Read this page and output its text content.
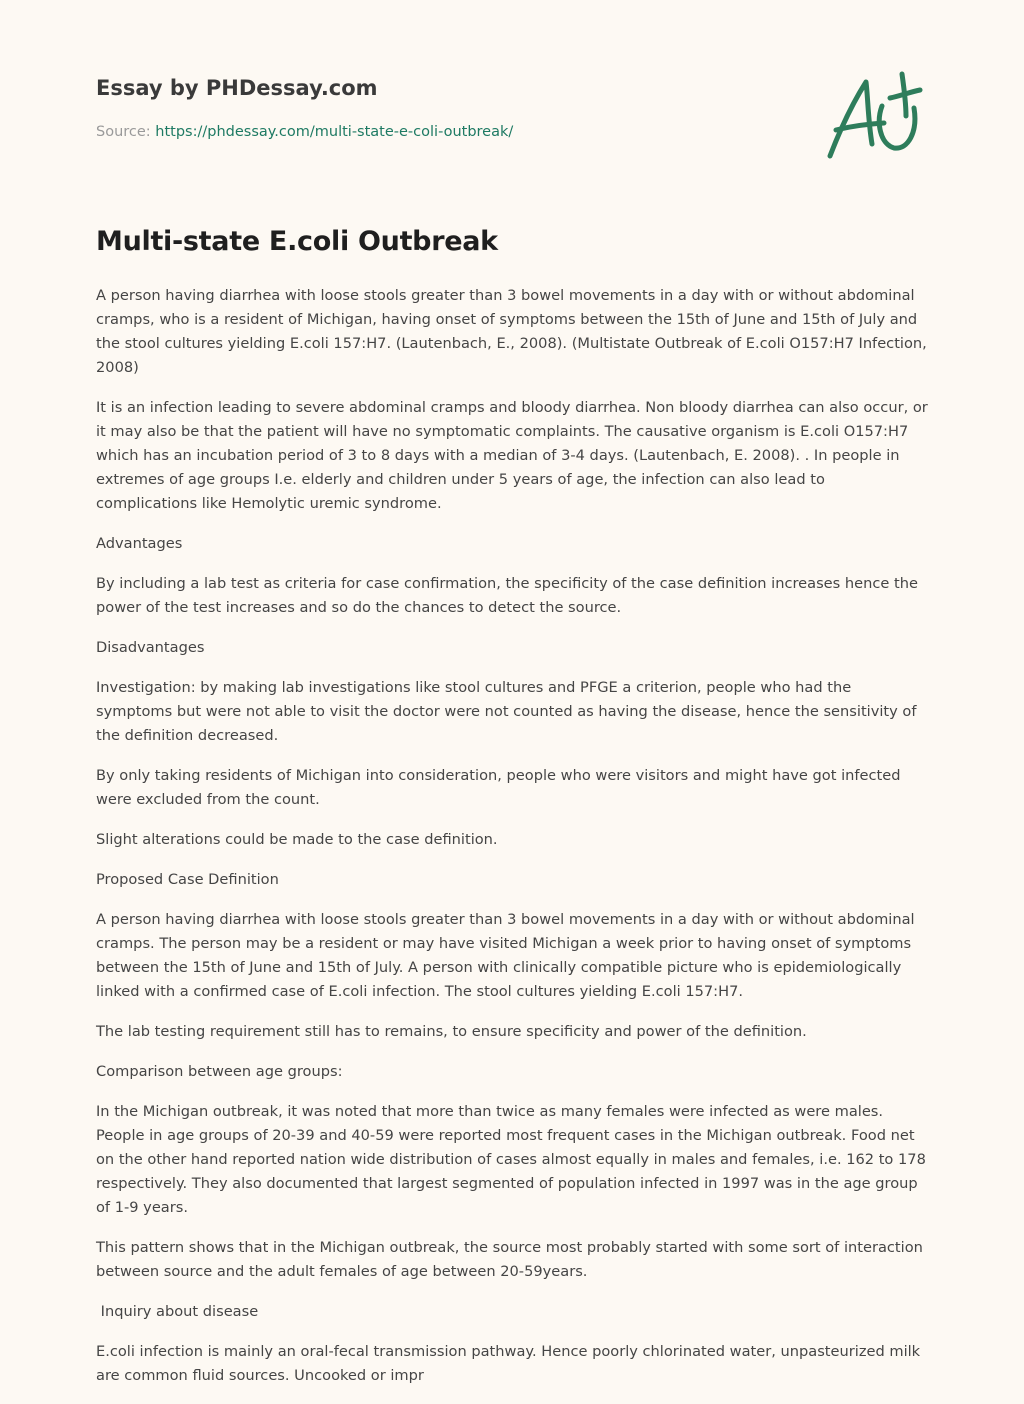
Essay by PHDessay.com
Source: https://phdessay.com/multi-state-e-coli-outbreak/
Multi-state E.coli Outbreak

A person having diarrhea with loose stools greater than 3 bowel movements in a day with or without abdominal cramps, who is a resident of Michigan, having onset of symptoms between the 15th of June and 15th of July and the stool cultures yielding E.coli 157:H7. (Lautenbach, E., 2008). (Multistate Outbreak of E.coli O157:H7 Infection, 2008)

It is an infection leading to severe abdominal cramps and bloody diarrhea. Non bloody diarrhea can also occur, or it may also be that the patient will have no symptomatic complaints. The causative organism is E.coli O157:H7 which has an incubation period of 3 to 8 days with a median of 3-4 days. (Lautenbach, E. 2008). . In people in extremes of age groups I.e. elderly and children under 5 years of age, the infection can also lead to complications like Hemolytic uremic syndrome.

Advantages

By including a lab test as criteria for case confirmation, the specificity of the case definition increases hence the power of the test increases and so do the chances to detect the source.

Disadvantages

Investigation: by making lab investigations like stool cultures and PFGE a criterion, people who had the symptoms but were not able to visit the doctor were not counted as having the disease, hence the sensitivity of the definition decreased.

By only taking residents of Michigan into consideration, people who were visitors and might have got infected were excluded from the count.

Slight alterations could be made to the case definition.

Proposed Case Definition

A person having diarrhea with loose stools greater than 3 bowel movements in a day with or without abdominal cramps. The person may be a resident or may have visited Michigan a week prior to having onset of symptoms between the 15th of June and 15th of July. A person with clinically compatible picture who is epidemiologically linked with a confirmed case of E.coli infection. The stool cultures yielding E.coli 157:H7.

The lab testing requirement still has to remains, to ensure specificity and power of the definition.

Comparison between age groups:

In the Michigan outbreak, it was noted that more than twice as many females were infected as were males. People in age groups of 20-39 and 40-59 were reported most frequent cases in the Michigan outbreak. Food net on the other hand reported nation wide distribution of cases almost equally in males and females, i.e. 162 to 178 respectively. They also documented that largest segmented of population infected in 1997 was in the age group of 1-9 years.

This pattern shows that in the Michigan outbreak, the source most probably started with some sort of interaction between source and the adult females of age between 20-59years.

Inquiry about disease

E.coli infection is mainly an oral-fecal transmission pathway. Hence poorly chlorinated water, unpasteurized milk are common fluid sources. Uncooked or impr
